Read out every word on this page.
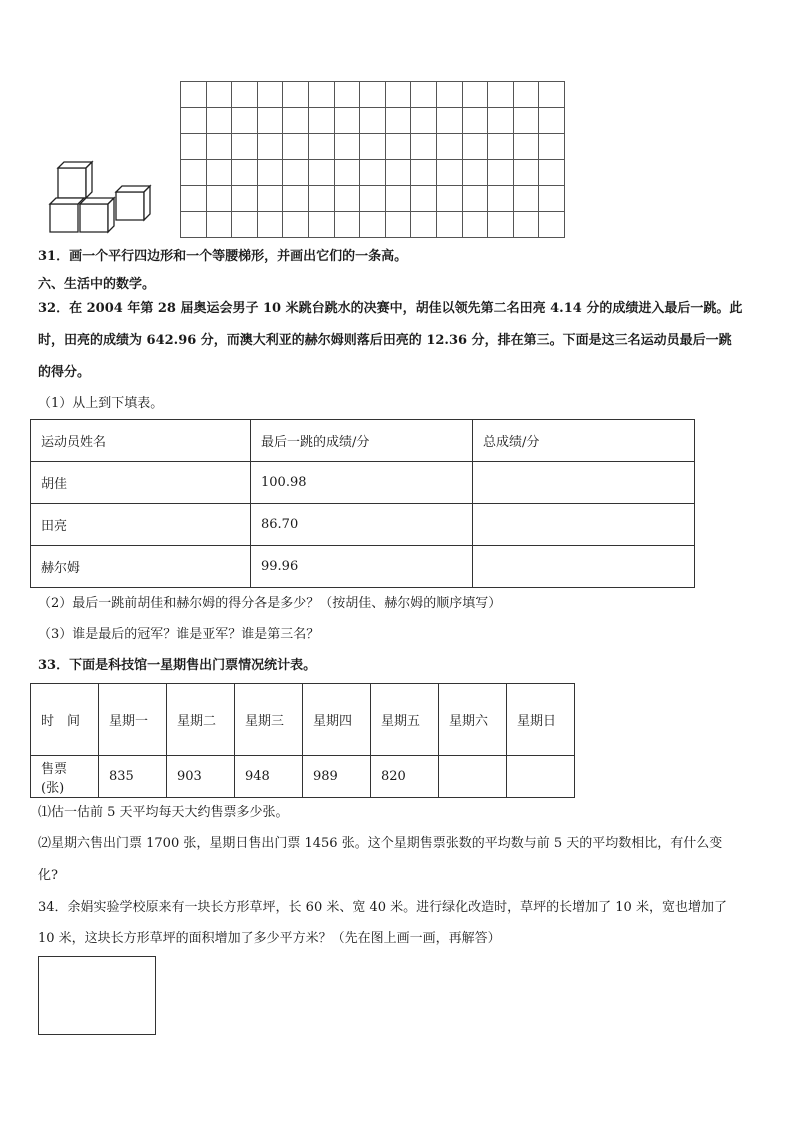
31．画一个平行四边形和一个等腰梯形，并画出它们的一条高。
六、生活中的数学。
32．在 2004 年第 28 届奥运会男子 10 米跳台跳水的决赛中，胡佳以领先第二名田亮 4.14 分的成绩进入最后一跳。此
时，田亮的成绩为 642.96 分，而澳大利亚的赫尔姆则落后田亮的 12.36 分，排在第三。下面是这三名运动员最后一跳
的得分。
（1）从上到下填表。
运动员姓名	最后一跳的成绩/分	总成绩/分
胡佳	100.98	
田亮	86.70	
赫尔姆	99.96	
（2）最后一跳前胡佳和赫尔姆的得分各是多少？（按胡佳、赫尔姆的顺序填写）
（3）谁是最后的冠军？谁是亚军？谁是第三名？
33．下面是科技馆一星期售出门票情况统计表。
时　间	星期一	星期二	星期三	星期四	星期五	星期六	星期日
售票(张)	835	903	948	989	820		
⑴估一估前 5 天平均每天大约售票多少张。
⑵星期六售出门票 1700 张，星期日售出门票 1456 张。这个星期售票张数的平均数与前 5 天的平均数相比，有什么变
化?
34．余娟实验学校原来有一块长方形草坪，长 60 米、宽 40 米。进行绿化改造时，草坪的长增加了 10 米，宽也增加了
10 米，这块长方形草坪的面积增加了多少平方米？（先在图上画一画，再解答）
